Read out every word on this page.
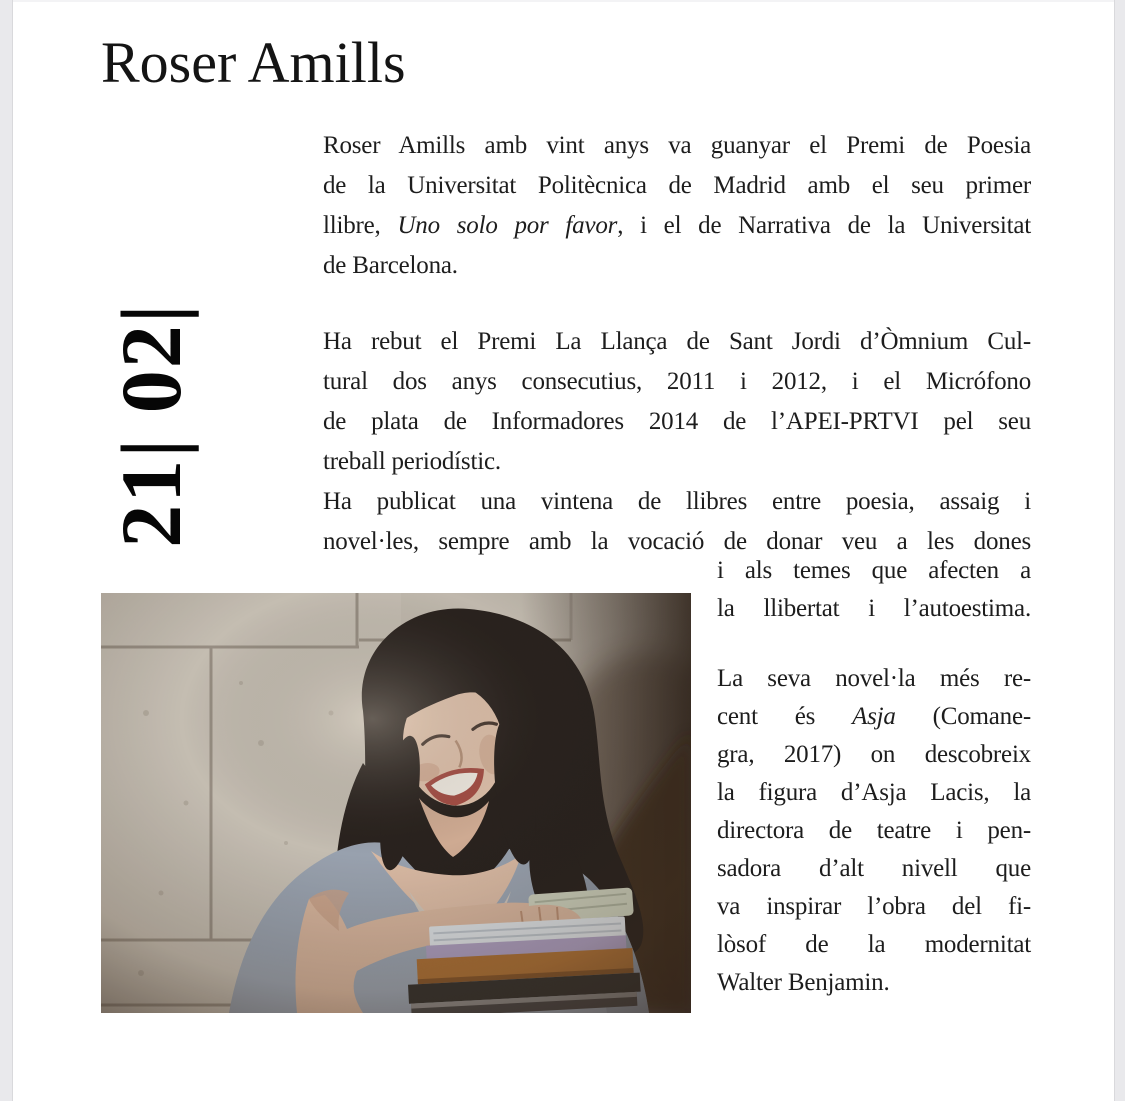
Roser Amills
21| 02|
Roser Amills amb vint anys va guanyar el Premi de Poesia
de la Universitat Politècnica de Madrid amb el seu primer
llibre, Uno solo por favor, i el de Narrativa de la Universitat
de Barcelona.
Ha rebut el Premi La Llança de Sant Jordi d’Òmnium Cul-
tural dos anys consecutius, 2011 i 2012, i el Micrófono
de plata de Informadores 2014 de l’APEI-PRTVI pel seu
treball periodístic.
Ha publicat una vintena de llibres entre poesia, assaig i
novel·les, sempre amb la vocació de donar veu a les dones
i als temes que afecten a
la llibertat i l’autoestima.
La seva novel·la més re-
cent és Asja (Comane-
gra, 2017) on descobreix
la figura d’Asja Lacis, la
directora de teatre i pen-
sadora d’alt nivell que
va inspirar l’obra del fi-
lòsof de la modernitat
Walter Benjamin.
